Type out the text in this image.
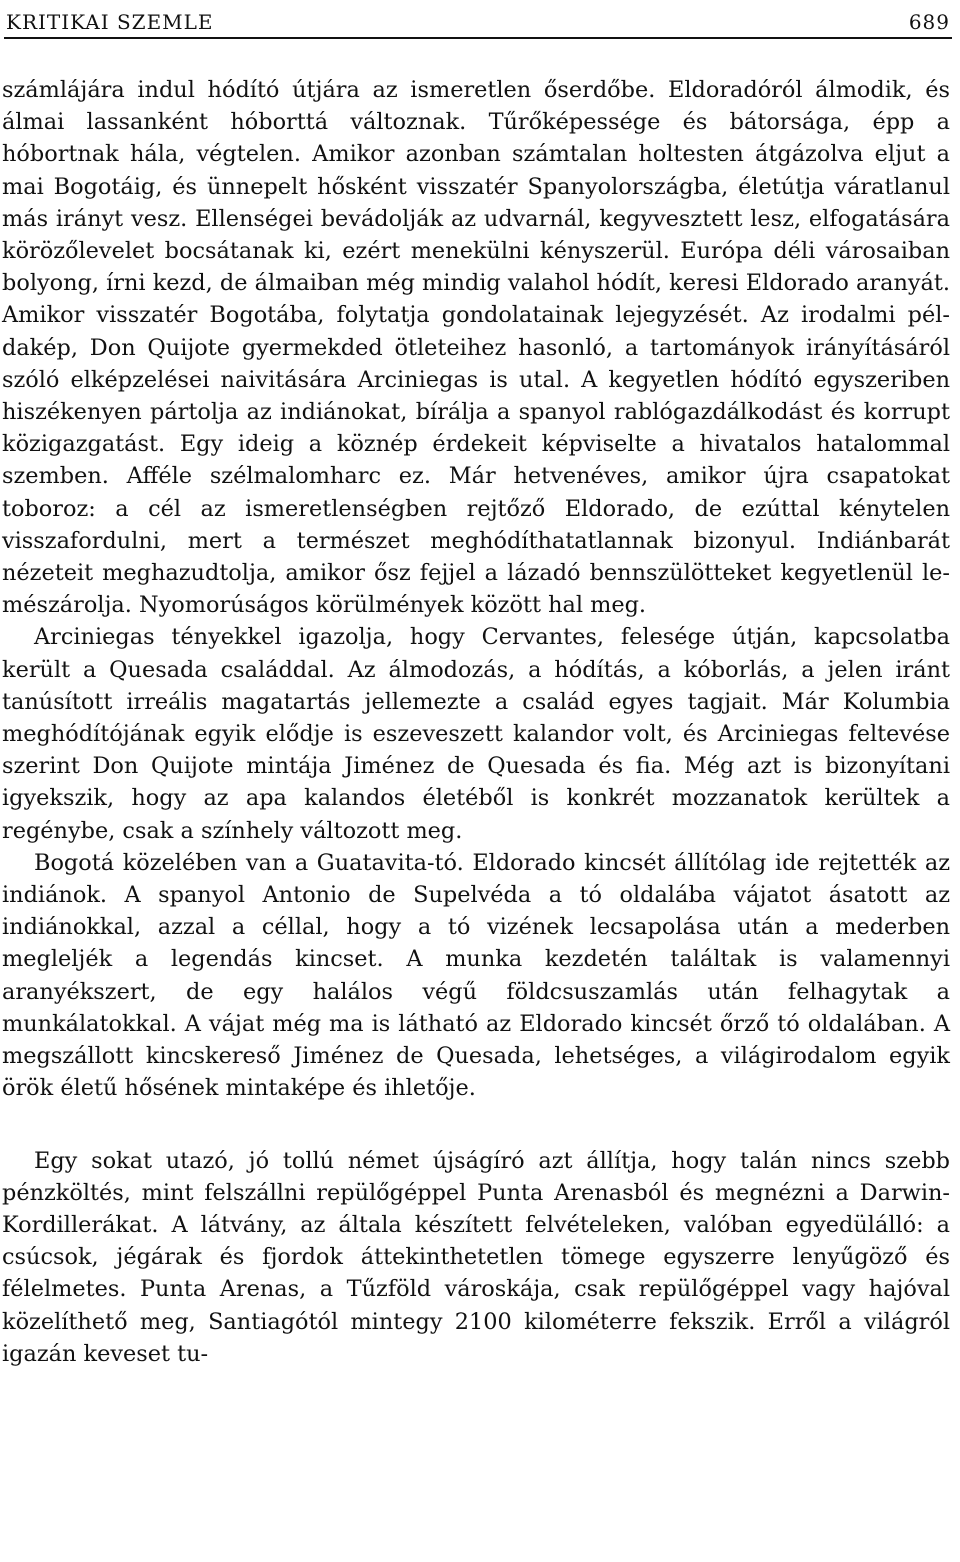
KRITIKAI SZEMLE	689

számlájára indul hódító útjára az ismeretlen őserdőbe. Eldoradóról álmodik, és álmai lassanként hóborttá változnak. Tűrőképessége és bátorsága, épp a hóbortnak hála, végtelen. Amikor azonban számtalan holtesten átgázolva eljut a mai Bogotáig, és ünnepelt hősként visszatér Spanyolországba, életútja váratlanul más irányt vesz. Ellenségei bevádolják az udvarnál, kegyvesztett lesz, elfogatására körözőlevelet bocsátanak ki, ezért menekülni kényszerül. Európa déli városaiban bolyong, írni kezd, de álmaiban még mindig valahol hódít, keresi Eldorado aranyát. Amikor visszatér Bogotába, folytatja gondolatainak lejegyzését. Az irodalmi példakép, Don Quijote gyermekded ötleteihez hasonló, a tartományok irányításáról szóló elképzelései naivitására Arciniegas is utal. A kegyetlen hódító egyszeriben hiszékenyen pártolja az indiánokat, bírálja a spanyol rablógazdálkodást és korrupt közigazgatást. Egy ideig a köznép érdekeit képviselte a hivatalos hatalommal szemben. Afféle szélmalomharc ez. Már hetvenéves, amikor újra csapatokat toboroz: a cél az ismeretlenségben rejtőző Eldorado, de ezúttal kénytelen visszafordulni, mert a természet meghódíthatatlannak bizonyul. Indiánbarát nézeteit meghazudtolja, amikor ősz fejjel a lázadó bennszülötteket kegyetlenül lemészárolja. Nyomorúságos körülmények között hal meg.

Arciniegas tényekkel igazolja, hogy Cervantes, felesége útján, kapcsolatba került a Quesada családdal. Az álmodozás, a hódítás, a kóborlás, a jelen iránt tanúsított irreális magatartás jellemezte a család egyes tagjait. Már Kolumbia meghódítójának egyik elődje is eszeveszett kalandor volt, és Arciniegas feltevése szerint Don Quijote mintája Jiménez de Quesada és fia. Még azt is bizonyítani igyekszik, hogy az apa kalandos életéből is konkrét mozzanatok kerültek a regénybe, csak a színhely változott meg.

Bogotá közelében van a Guatavita-tó. Eldorado kincsét állítólag ide rejtették az indiánok. A spanyol Antonio de Supelvéda a tó oldalába vájatot ásatott az indiánokkal, azzal a céllal, hogy a tó vizének lecsapolása után a mederben megleljék a legendás kincset. A munka kezdetén találtak is valamennyi aranyékszert, de egy halálos végű földcsuszamlás után felhagytak a munkálatokkal. A vájat még ma is látható az Eldorado kincsét őrző tó oldalában. A megszállott kincskereső Jiménez de Quesada, lehetséges, a világirodalom egyik örök életű hősének mintaképe és ihletője.

Egy sokat utazó, jó tollú német újságíró azt állítja, hogy talán nincs szebb pénzköltés, mint felszállni repülőgéppel Punta Arenasból és megnézni a Darwin-Kordillerákat. A látvány, az általa készített felvételeken, valóban egyedülálló: a csúcsok, jégárak és fjordok áttekinthetetlen tömege egyszerre lenyűgöző és félelmetes. Punta Arenas, a Tűzföld városkája, csak repülőgéppel vagy hajóval közelíthető meg, Santiagótól mintegy 2100 kilométerre fekszik. Erről a világról igazán keveset tu-
